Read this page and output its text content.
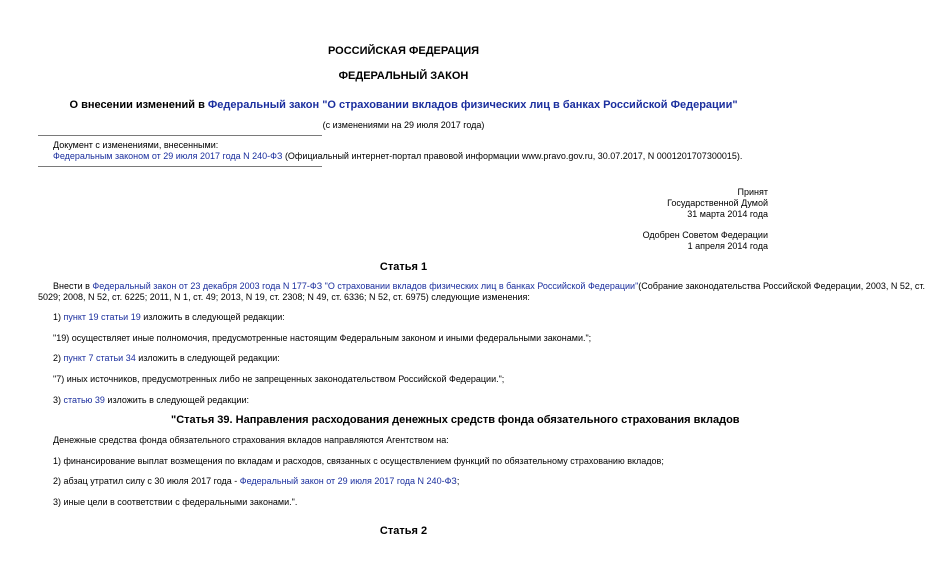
РОССИЙСКАЯ ФЕДЕРАЦИЯ
ФЕДЕРАЛЬНЫЙ ЗАКОН
О внесении изменений в Федеральный закон "О страховании вкладов физических лиц в банках Российской Федерации"
(с изменениями на 29 июля 2017 года)
Документ с изменениями, внесенными:
Федеральным законом от 29 июля 2017 года N 240-ФЗ (Официальный интернет-портал правовой информации www.pravo.gov.ru, 30.07.2017, N 0001201707300015).
Принят
Государственной Думой
31 марта 2014 года
Одобрен Советом Федерации
1 апреля 2014 года
Статья 1
Внести в Федеральный закон от 23 декабря 2003 года N 177-ФЗ "О страховании вкладов физических лиц в банках Российской Федерации"(Собрание законодательства Российской Федерации, 2003, N 52, ст.
5029; 2008, N 52, ст. 6225; 2011, N 1, ст. 49; 2013, N 19, ст. 2308; N 49, ст. 6336; N 52, ст. 6975) следующие изменения:
1) пункт 19 статьи 19 изложить в следующей редакции:
"19) осуществляет иные полномочия, предусмотренные настоящим Федеральным законом и иными федеральными законами.";
2) пункт 7 статьи 34 изложить в следующей редакции:
"7) иных источников, предусмотренных либо не запрещенных законодательством Российской Федерации.";
3) статью 39 изложить в следующей редакции:
"Статья 39. Направления расходования денежных средств фонда обязательного страхования вкладов
Денежные средства фонда обязательного страхования вкладов направляются Агентством на:
1) финансирование выплат возмещения по вкладам и расходов, связанных с осуществлением функций по обязательному страхованию вкладов;
2) абзац утратил силу с 30 июля 2017 года - Федеральный закон от 29 июля 2017 года N 240-ФЗ;
3) иные цели в соответствии с федеральными законами.".
Статья 2
